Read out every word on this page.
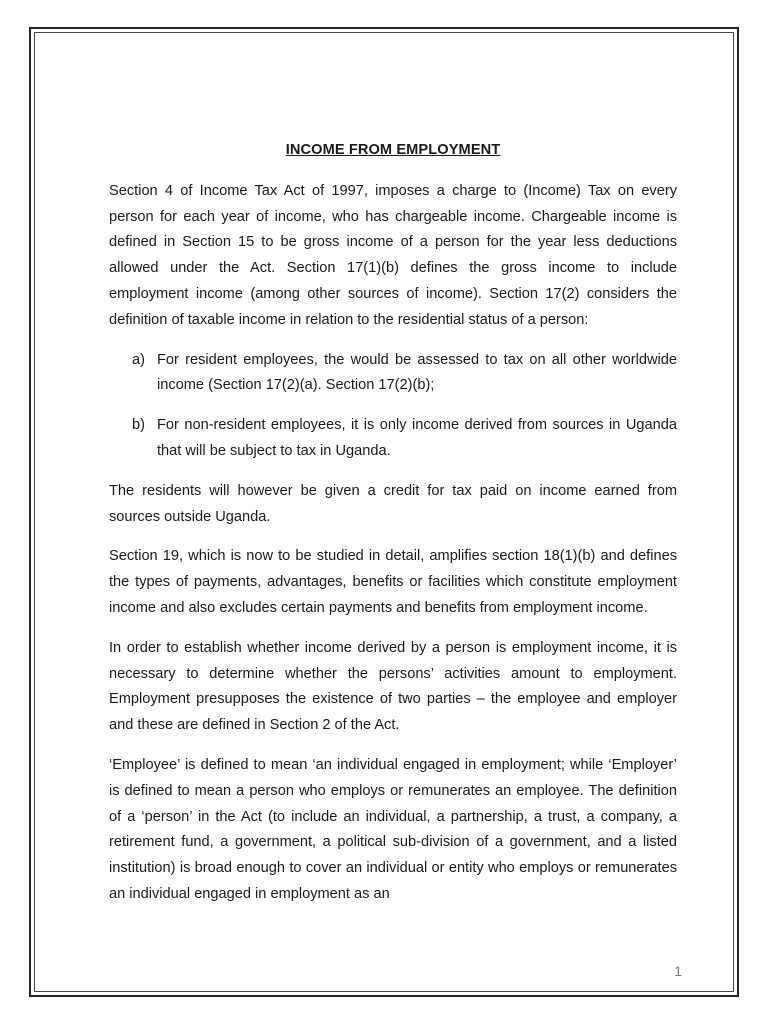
INCOME FROM EMPLOYMENT

Section 4 of Income Tax Act of 1997, imposes a charge to (Income) Tax on every person for each year of income, who has chargeable income. Chargeable income is defined in Section 15 to be gross income of a person for the year less deductions allowed under the Act. Section 17(1)(b) defines the gross income to include employment income (among other sources of income). Section 17(2) considers the definition of taxable income in relation to the residential status of a person:

a) For resident employees, the would be assessed to tax on all other worldwide income (Section 17(2)(a). Section 17(2)(b);
b) For non-resident employees, it is only income derived from sources in Uganda that will be subject to tax in Uganda.

The residents will however be given a credit for tax paid on income earned from sources outside Uganda.

Section 19, which is now to be studied in detail, amplifies section 18(1)(b) and defines the types of payments, advantages, benefits or facilities which constitute employment income and also excludes certain payments and benefits from employment income.

In order to establish whether income derived by a person is employment income, it is necessary to determine whether the persons’ activities amount to employment. Employment presupposes the existence of two parties – the employee and employer and these are defined in Section 2 of the Act.

‘Employee’ is defined to mean ‘an individual engaged in employment; while ‘Employer’ is defined to mean a person who employs or remunerates an employee. The definition of a ‘person’ in the Act (to include an individual, a partnership, a trust, a company, a retirement fund, a government, a political sub-division of a government, and a listed institution) is broad enough to cover an individual or entity who employs or remunerates an individual engaged in employment as an

1
